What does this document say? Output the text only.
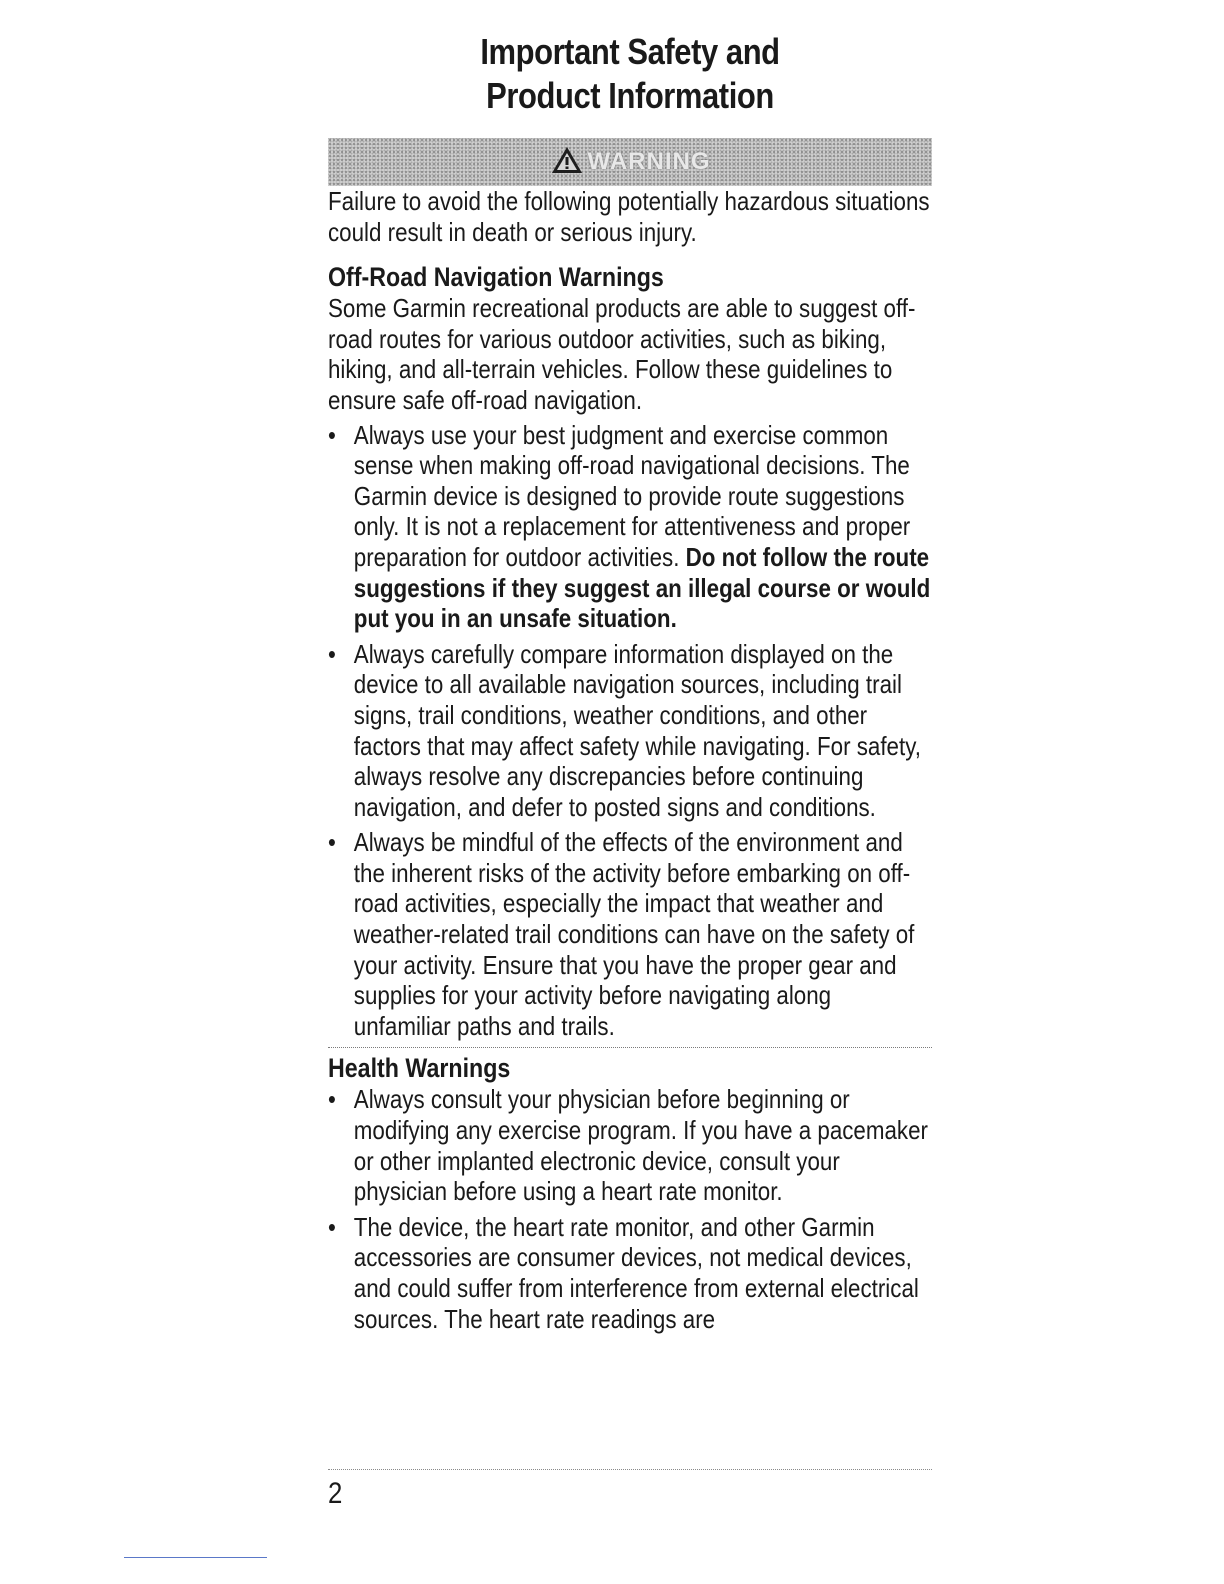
Important Safety and
Product Information
WARNING
Failure to avoid the following potentially hazardous situations could result in death or serious injury.
Off-Road Navigation Warnings

Some Garmin recreational products are able to suggest off-road routes for various outdoor activities, such as biking, hiking, and all-terrain vehicles. Follow these guidelines to ensure safe off-road navigation.

• Always use your best judgment and exercise common sense when making off-road navigational decisions. The Garmin device is designed to provide route suggestions only. It is not a replacement for attentiveness and proper preparation for outdoor activities. Do not follow the route suggestions if they suggest an illegal course or would put you in an unsafe situation.
• Always carefully compare information displayed on the device to all available navigation sources, including trail signs, trail conditions, weather conditions, and other factors that may affect safety while navigating. For safety, always resolve any discrepancies before continuing navigation, and defer to posted signs and conditions.
• Always be mindful of the effects of the environment and the inherent risks of the activity before embarking on off-road activities, especially the impact that weather and weather-related trail conditions can have on the safety of your activity. Ensure that you have the proper gear and supplies for your activity before navigating along unfamiliar paths and trails.
Health Warnings
• Always consult your physician before beginning or modifying any exercise program. If you have a pacemaker or other implanted electronic device, consult your physician before using a heart rate monitor.
• The device, the heart rate monitor, and other Garmin accessories are consumer devices, not medical devices, and could suffer from interference from external electrical sources. The heart rate readings are
2
